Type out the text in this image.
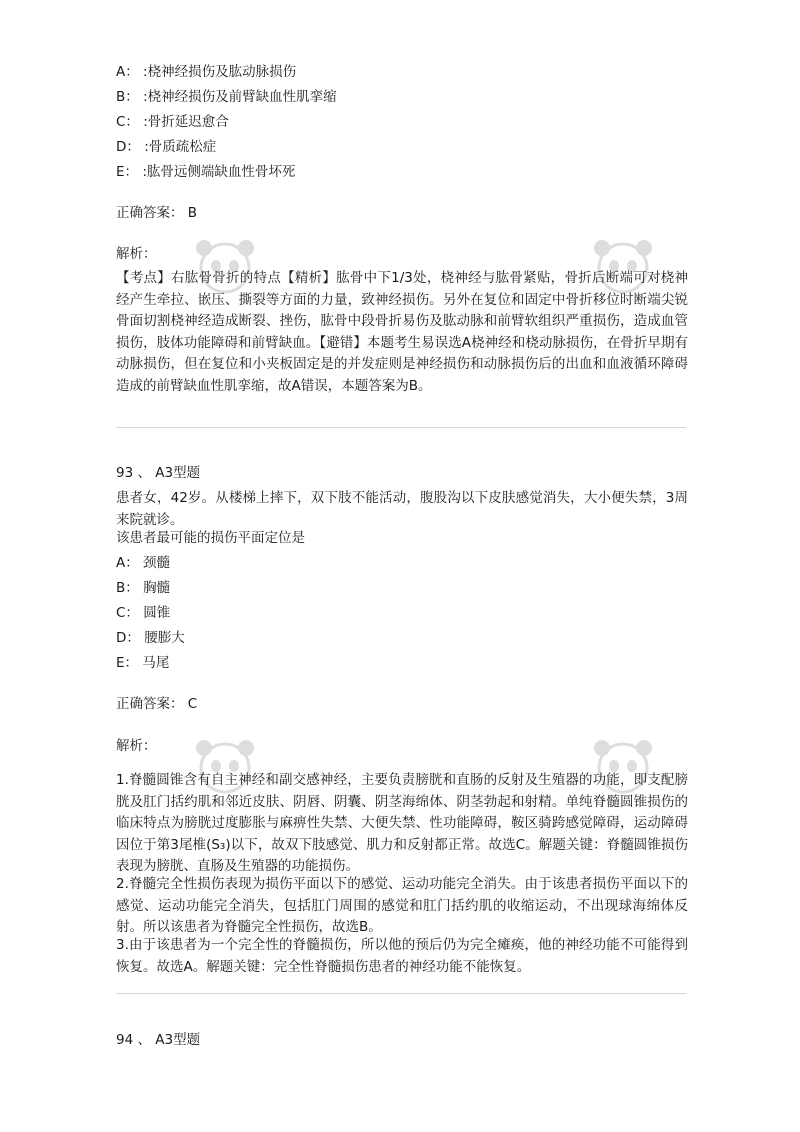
A： :桡神经损伤及肱动脉损伤
B： :桡神经损伤及前臂缺血性肌挛缩
C： :骨折延迟愈合
D： :骨质疏松症
E： :肱骨远侧端缺血性骨坏死
正确答案： B
解析：
【考点】右肱骨骨折的特点【精析】肱骨中下1/3处，桡神经与肱骨紧贴，骨折后断端可对桡神经产生牵拉、嵌压、撕裂等方面的力量，致神经损伤。另外在复位和固定中骨折移位时断端尖锐骨面切割桡神经造成断裂、挫伤，肱骨中段骨折易伤及肱动脉和前臂软组织严重损伤，造成血管损伤，肢体功能障碍和前臂缺血。【避错】本题考生易误选A桡神经和桡动脉损伤，在骨折早期有动脉损伤，但在复位和小夹板固定是的并发症则是神经损伤和动脉损伤后的出血和血液循环障碍造成的前臂缺血性肌挛缩，故A错误，本题答案为B。
93 、 A3型题
患者女，42岁。从楼梯上摔下，双下肢不能活动，腹股沟以下皮肤感觉消失，大小便失禁，3周来院就诊。
该患者最可能的损伤平面定位是
A： 颈髓
B： 胸髓
C： 圆锥
D： 腰膨大
E： 马尾
正确答案： C
解析：
1.脊髓圆锥含有自主神经和副交感神经，主要负责膀胱和直肠的反射及生殖器的功能，即支配膀胱及肛门括约肌和邻近皮肤、阴唇、阴囊、阴茎海绵体、阴茎勃起和射精。单纯脊髓圆锥损伤的临床特点为膀胱过度膨胀与麻痹性失禁、大便失禁、性功能障碍，鞍区骑跨感觉障碍，运动障碍因位于第3尾椎(S₃)以下，故双下肢感觉、肌力和反射都正常。故选C。解题关键：脊髓圆锥损伤表现为膀胱、直肠及生殖器的功能损伤。
2.脊髓完全性损伤表现为损伤平面以下的感觉、运动功能完全消失。由于该患者损伤平面以下的感觉、运动功能完全消失，包括肛门周围的感觉和肛门括约肌的收缩运动，不出现球海绵体反射。所以该患者为脊髓完全性损伤，故选B。
3.由于该患者为一个完全性的脊髓损伤，所以他的预后仍为完全瘫痪，他的神经功能不可能得到恢复。故选A。解题关键：完全性脊髓损伤患者的神经功能不能恢复。
94 、 A3型题
